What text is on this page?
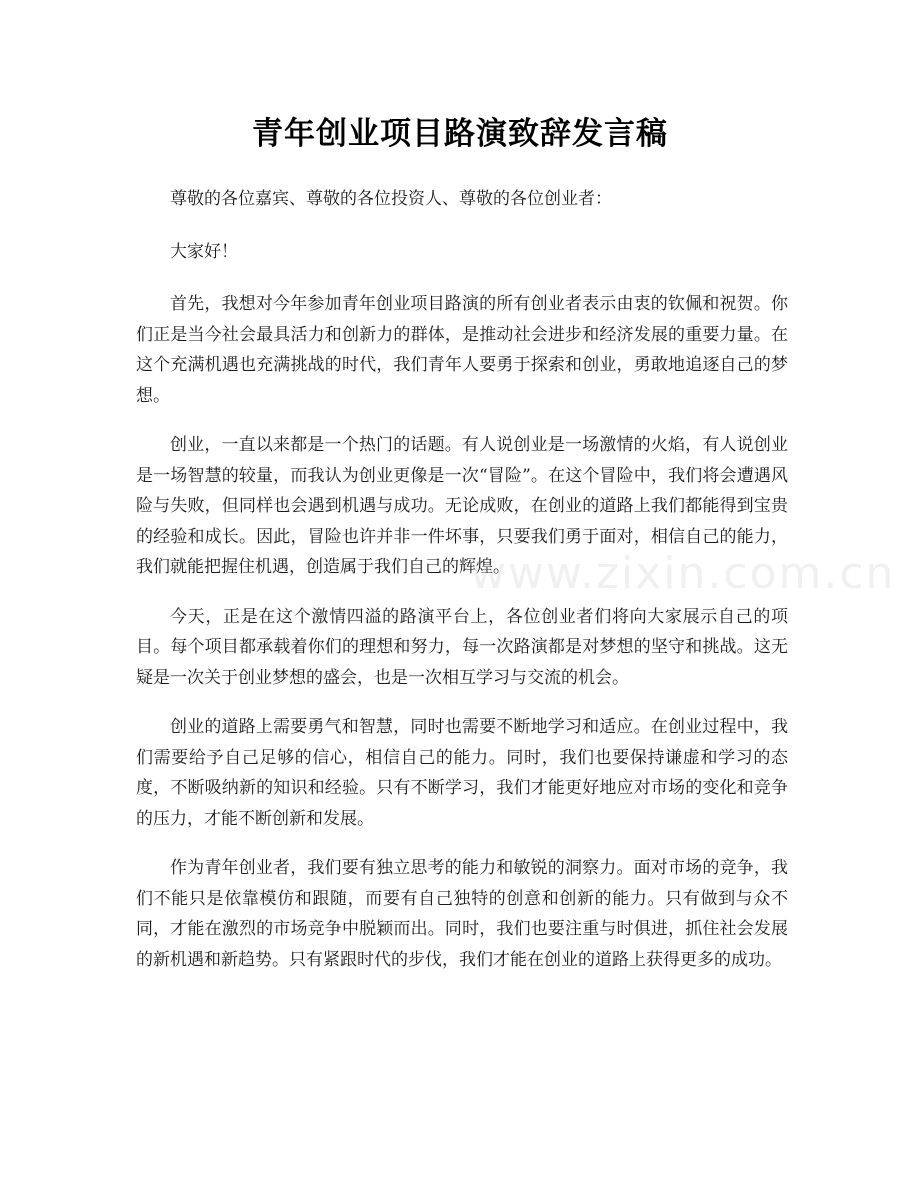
青年创业项目路演致辞发言稿

尊敬的各位嘉宾、尊敬的各位投资人、尊敬的各位创业者：

大家好！

首先，我想对今年参加青年创业项目路演的所有创业者表示由衷的钦佩和祝贺。你们正是当今社会最具活力和创新力的群体，是推动社会进步和经济发展的重要力量。在这个充满机遇也充满挑战的时代，我们青年人要勇于探索和创业，勇敢地追逐自己的梦想。

创业，一直以来都是一个热门的话题。有人说创业是一场激情的火焰，有人说创业是一场智慧的较量，而我认为创业更像是一次“冒险”。在这个冒险中，我们将会遭遇风险与失败，但同样也会遇到机遇与成功。无论成败，在创业的道路上我们都能得到宝贵的经验和成长。因此，冒险也许并非一件坏事，只要我们勇于面对，相信自己的能力，我们就能把握住机遇，创造属于我们自己的辉煌。

今天，正是在这个激情四溢的路演平台上，各位创业者们将向大家展示自己的项目。每个项目都承载着你们的理想和努力，每一次路演都是对梦想的坚守和挑战。这无疑是一次关于创业梦想的盛会，也是一次相互学习与交流的机会。

创业的道路上需要勇气和智慧，同时也需要不断地学习和适应。在创业过程中，我们需要给予自己足够的信心，相信自己的能力。同时，我们也要保持谦虚和学习的态度，不断吸纳新的知识和经验。只有不断学习，我们才能更好地应对市场的变化和竞争的压力，才能不断创新和发展。

作为青年创业者，我们要有独立思考的能力和敏锐的洞察力。面对市场的竞争，我们不能只是依靠模仿和跟随，而要有自己独特的创意和创新的能力。只有做到与众不同，才能在激烈的市场竞争中脱颖而出。同时，我们也要注重与时俱进，抓住社会发展的新机遇和新趋势。只有紧跟时代的步伐，我们才能在创业的道路上获得更多的成功。

www.zixin.com.cn
